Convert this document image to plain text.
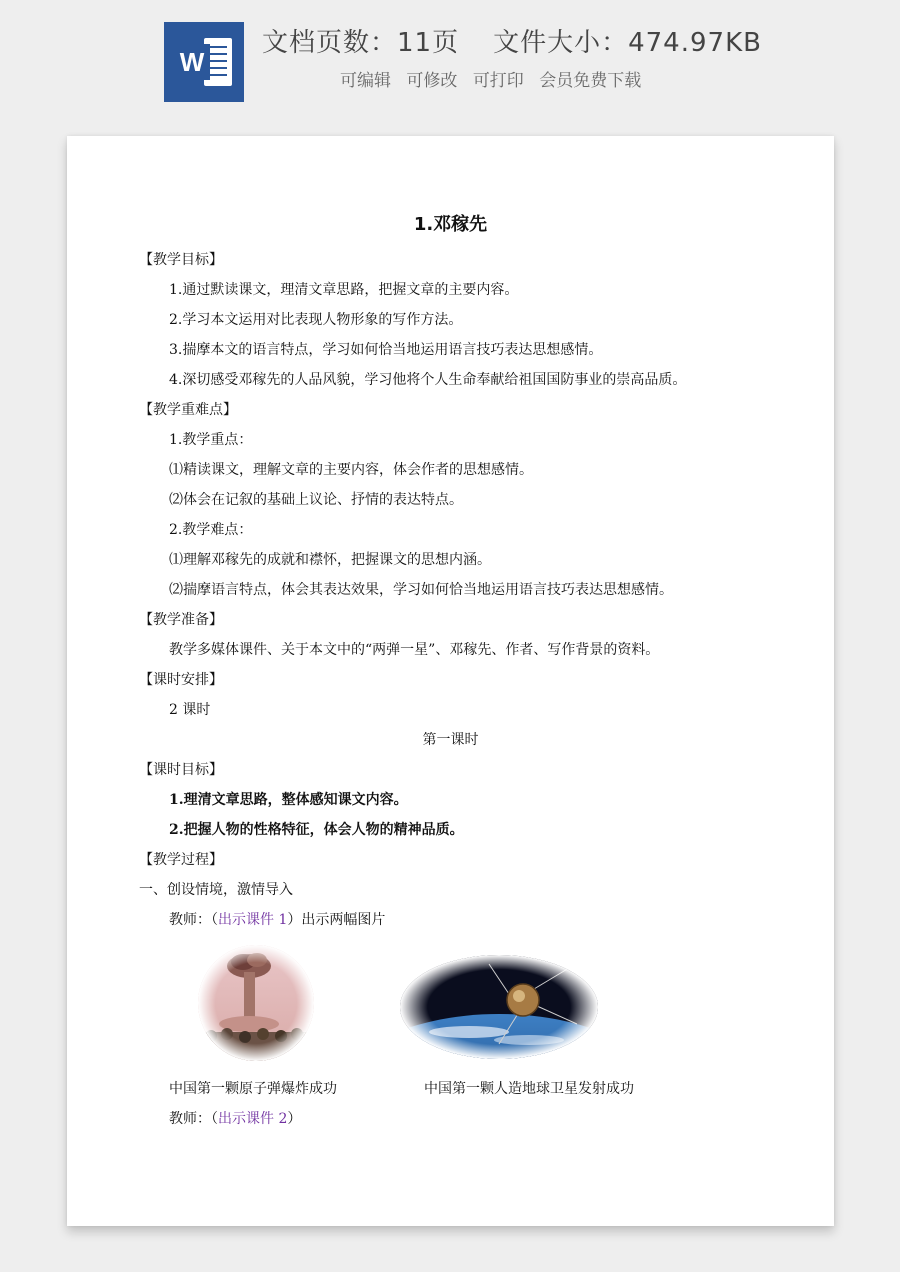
W
文档页数：11页 文件大小：474.97KB
可编辑 可修改 可打印 会员免费下载
1.邓稼先
【教学目标】
1.通过默读课文，理清文章思路，把握文章的主要内容。
2.学习本文运用对比表现人物形象的写作方法。
3.揣摩本文的语言特点，学习如何恰当地运用语言技巧表达思想感情。
4.深切感受邓稼先的人品风貌，学习他将个人生命奉献给祖国国防事业的崇高品质。
【教学重难点】
1.教学重点：
⑴精读课文，理解文章的主要内容，体会作者的思想感情。
⑵体会在记叙的基础上议论、抒情的表达特点。
2.教学难点：
⑴理解邓稼先的成就和襟怀，把握课文的思想内涵。
⑵揣摩语言特点，体会其表达效果，学习如何恰当地运用语言技巧表达思想感情。
【教学准备】
教学多媒体课件、关于本文中的“两弹一星”、邓稼先、作者、写作背景的资料。
【课时安排】
2 课时
第一课时
【课时目标】
1.理清文章思路，整体感知课文内容。
2.把握人物的性格特征，体会人物的精神品质。
【教学过程】
一、创设情境，激情导入
教师：（出示课件 1）出示两幅图片
中国第一颗原子弹爆炸成功	中国第一颗人造地球卫星发射成功
教师：（出示课件 2）
